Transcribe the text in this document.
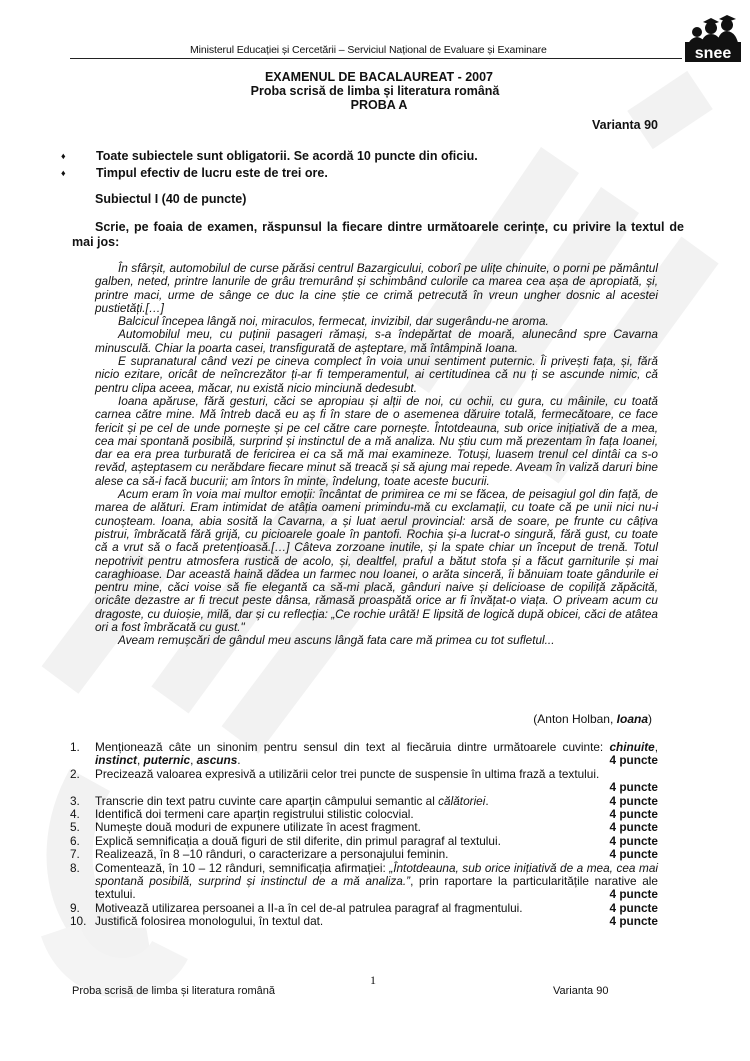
Ministerul Educației și Cercetării – Serviciul Național de Evaluare și Examinare	snee
EXAMENUL DE BACALAUREAT - 2007
Proba scrisă de limba și literatura română
PROBA A
Varianta 90
♦	Toate subiectele sunt obligatorii. Se acordă 10 puncte din oficiu.
♦	Timpul efectiv de lucru este de trei ore.
Subiectul I (40 de puncte)
Scrie, pe foaia de examen, răspunsul la fiecare dintre următoarele cerințe, cu privire la textul de mai jos:

În sfârșit, automobilul de curse părăsi centrul Bazargicului, coborî pe ulițe chinuite, o porni pe pământul galben, neted, printre lanurile de grâu tremurând și schimbând culorile ca marea cea așa de apropiată, și, printre maci, urme de sânge ce duc la cine știe ce crimă petrecută în vreun ungher dosnic al acestei pustietăți.[…]

Balcicul începea lângă noi, miraculos, fermecat, invizibil, dar sugerându-ne aroma.

Automobilul meu, cu puținii pasageri rămași, s-a îndepărtat de moară, alunecând spre Cavarna minusculă. Chiar la poarta casei, transfigurată de așteptare, mă întâmpină Ioana.

E supranatural când vezi pe cineva complect în voia unui sentiment puternic. Îi privești fața, și, fără nicio ezitare, oricât de neîncrezător ți-ar fi temperamentul, ai certitudinea că nu ți se ascunde nimic, că pentru clipa aceea, măcar, nu există nicio minciună dedesubt.

Ioana apăruse, fără gesturi, căci se apropiau și alții de noi, cu ochii, cu gura, cu mâinile, cu toată carnea către mine. Mă întreb dacă eu aș fi în stare de o asemenea dăruire totală, fermecătoare, ce face fericit și pe cel de unde pornește și pe cel către care pornește. Întotdeauna, sub orice inițiativă de a mea, cea mai spontană posibilă, surprind și instinctul de a mă analiza. Nu știu cum mă prezentam în fața Ioanei, dar ea era prea turburată de fericirea ei ca să mă mai examineze. Totuși, luasem trenul cel dintâi ca s-o revăd, așteptasem cu nerăbdare fiecare minut să treacă și să ajung mai repede. Aveam în valiză daruri bine alese ca să-i facă bucurii; am întors în minte, îndelung, toate aceste bucurii.

Acum eram în voia mai multor emoții: încântat de primirea ce mi se făcea, de peisagiul gol din față, de marea de alături. Eram intimidat de atâția oameni primindu-mă cu exclamații, cu toate că pe unii nici nu-i cunoșteam. Ioana, abia sosită la Cavarna, a și luat aerul provincial: arsă de soare, pe frunte cu câțiva pistrui, îmbrăcată fără grijă, cu picioarele goale în pantofi. Rochia și-a lucrat-o singură, fără gust, cu toate că a vrut să o facă pretențioasă.[…] Câteva zorzoane inutile, și la spate chiar un început de trenă. Totul nepotrivit pentru atmosfera rustică de acolo, și, dealtfel, praful a bătut stofa și a făcut garniturile și mai caraghioase. Dar această haină dădea un farmec nou Ioanei, o arăta sinceră, îi bănuiam toate gândurile ei pentru mine, căci voise să fie elegantă ca să-mi placă, gânduri naive și delicioase de copiliță zăpăcită, oricâte dezastre ar fi trecut peste dânsa, rămasă proaspătă orice ar fi învățat-o viața. O priveam acum cu dragoste, cu duioșie, milă, dar și cu reflecția: „Ce rochie urâtă! E lipsită de logică după obicei, căci de atâtea ori a fost îmbrăcată cu gust."

Aveam remușcări de gândul meu ascuns lângă fata care mă primea cu tot sufletul...

(Anton Holban, Ioana)
1.	Menționează câte un sinonim pentru sensul din text al fiecăruia dintre următoarele cuvinte: chinuite, instinct, puternic, ascuns.	4 puncte
2.	Precizează valoarea expresivă a utilizării celor trei puncte de suspensie în ultima frază a textului.
4 puncte
3.	Transcrie din text patru cuvinte care aparțin câmpului semantic al călătoriei.	4 puncte
4.	Identifică doi termeni care aparțin registrului stilistic colocvial.	4 puncte
5.	Numește două moduri de expunere utilizate în acest fragment.	4 puncte
6.	Explică semnificația a două figuri de stil diferite, din primul paragraf al textului.	4 puncte
7.	Realizează, în 8 –10 rânduri, o caracterizare a personajului feminin.	4 puncte
8.	Comentează, în 10 – 12 rânduri, semnificația afirmației: „Întotdeauna, sub orice inițiativă de a mea, cea mai spontană posibilă, surprind și instinctul de a mă analiza.”, prin raportare la particularitățile narative ale textului.	4 puncte
9.	Motivează utilizarea persoanei a II-a în cel de-al patrulea paragraf al fragmentului.	4 puncte
10. Justifică folosirea monologului, în textul dat.	4 puncte
1
Proba scrisă de limba și literatura română	Varianta 90
